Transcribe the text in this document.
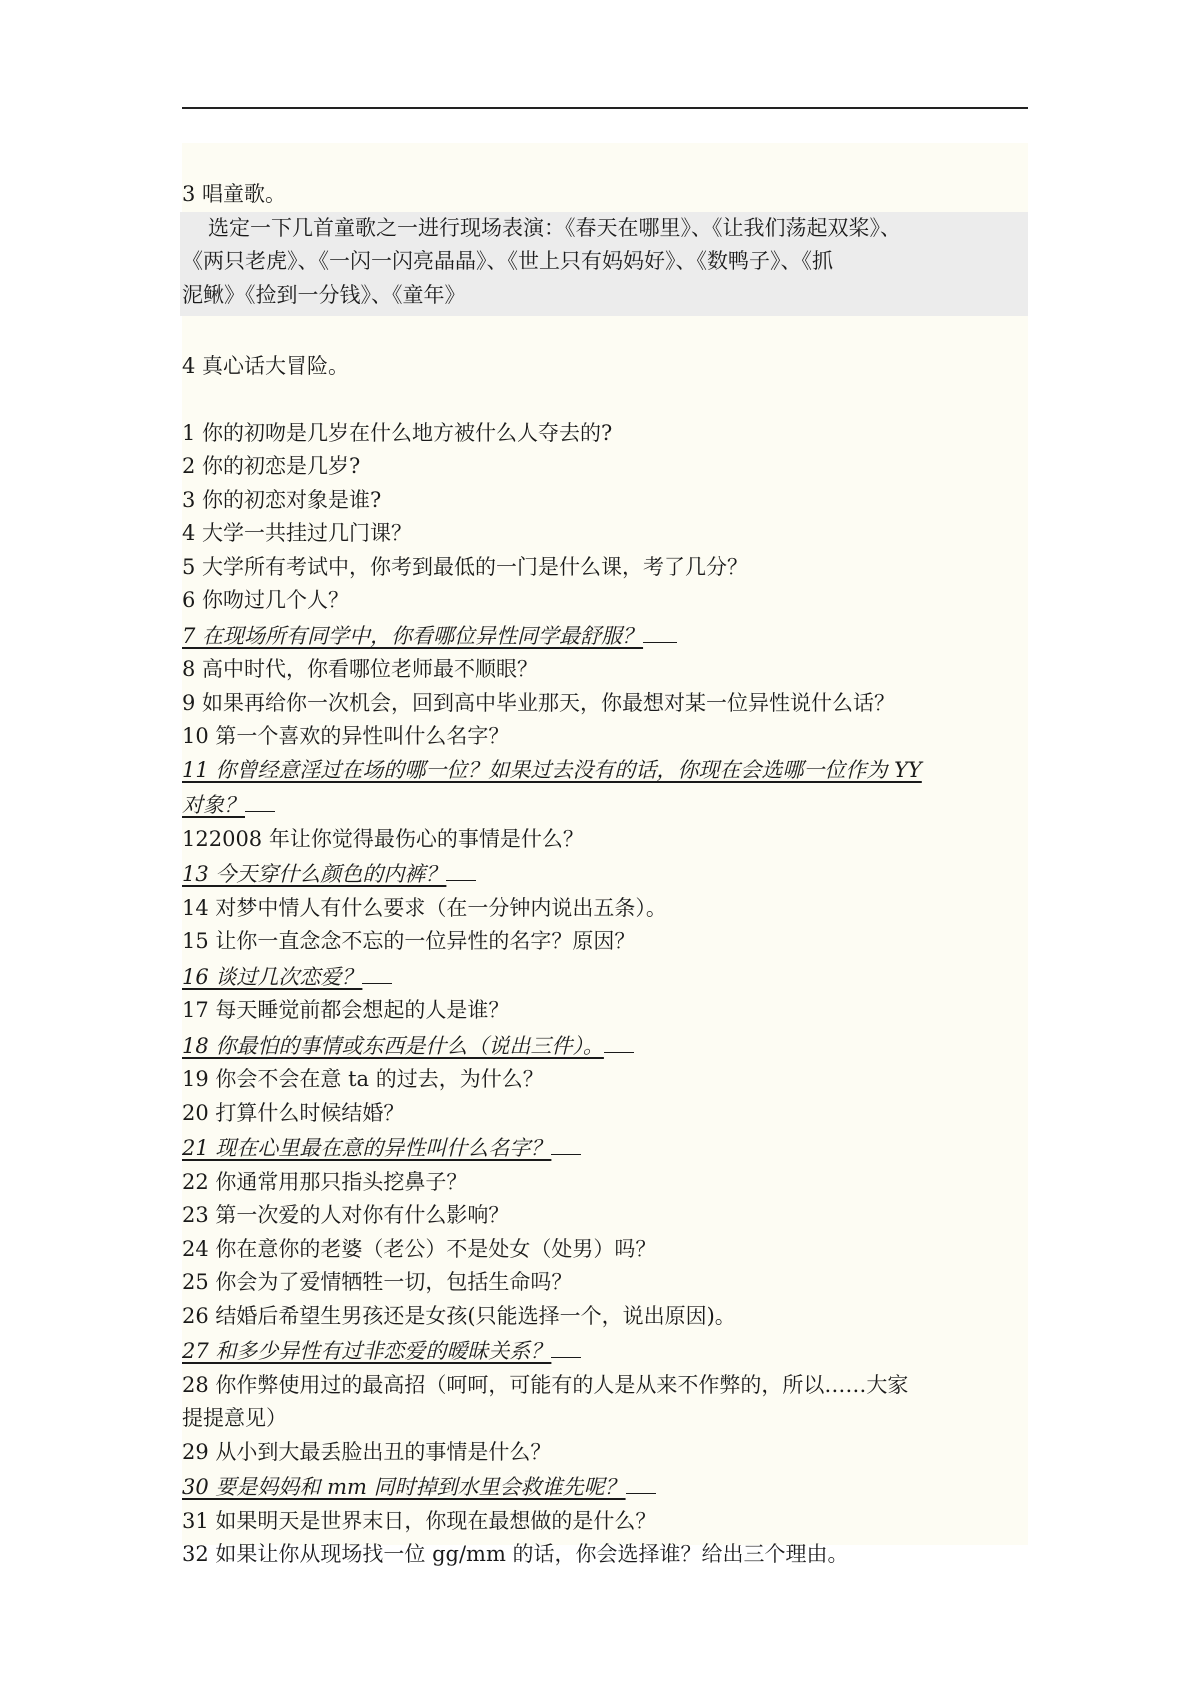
3 唱童歌。
选定一下几首童歌之一进行现场表演：《春天在哪里》、《让我们荡起双桨》、
《两只老虎》、《一闪一闪亮晶晶》、《世上只有妈妈好》、《数鸭子》、《抓
泥鳅》《捡到一分钱》、《童年》
4 真心话大冒险。
1 你的初吻是几岁在什么地方被什么人夺去的?
2 你的初恋是几岁?
3 你的初恋对象是谁?
4 大学一共挂过几门课？
5 大学所有考试中，你考到最低的一门是什么课，考了几分？
6 你吻过几个人？
7 在现场所有同学中，你看哪位异性同学最舒服？
8 高中时代，你看哪位老师最不顺眼？
9 如果再给你一次机会，回到高中毕业那天，你最想对某一位异性说什么话？
10 第一个喜欢的异性叫什么名字？
11 你曾经意淫过在场的哪一位？如果过去没有的话，你现在会选哪一位作为 YY
对象？
122008 年让你觉得最伤心的事情是什么？
13 今天穿什么颜色的内裤？
14 对梦中情人有什么要求（在一分钟内说出五条）。
15 让你一直念念不忘的一位异性的名字？原因？
16 谈过几次恋爱？
17 每天睡觉前都会想起的人是谁？
18 你最怕的事情或东西是什么（说出三件）。
19 你会不会在意 ta 的过去，为什么？
20 打算什么时候结婚？
21 现在心里最在意的异性叫什么名字？
22 你通常用那只指头挖鼻子？
23 第一次爱的人对你有什么影响？
24 你在意你的老婆（老公）不是处女（处男）吗？
25 你会为了爱情牺牲一切，包括生命吗？
26 结婚后希望生男孩还是女孩(只能选择一个，说出原因)。
27 和多少异性有过非恋爱的暧昧关系？
28 你作弊使用过的最高招（呵呵，可能有的人是从来不作弊的，所以……大家
提提意见）
29 从小到大最丢脸出丑的事情是什么？
30 要是妈妈和 mm 同时掉到水里会救谁先呢？
31 如果明天是世界末日，你现在最想做的是什么？
32 如果让你从现场找一位 gg/mm 的话，你会选择谁？给出三个理由。
